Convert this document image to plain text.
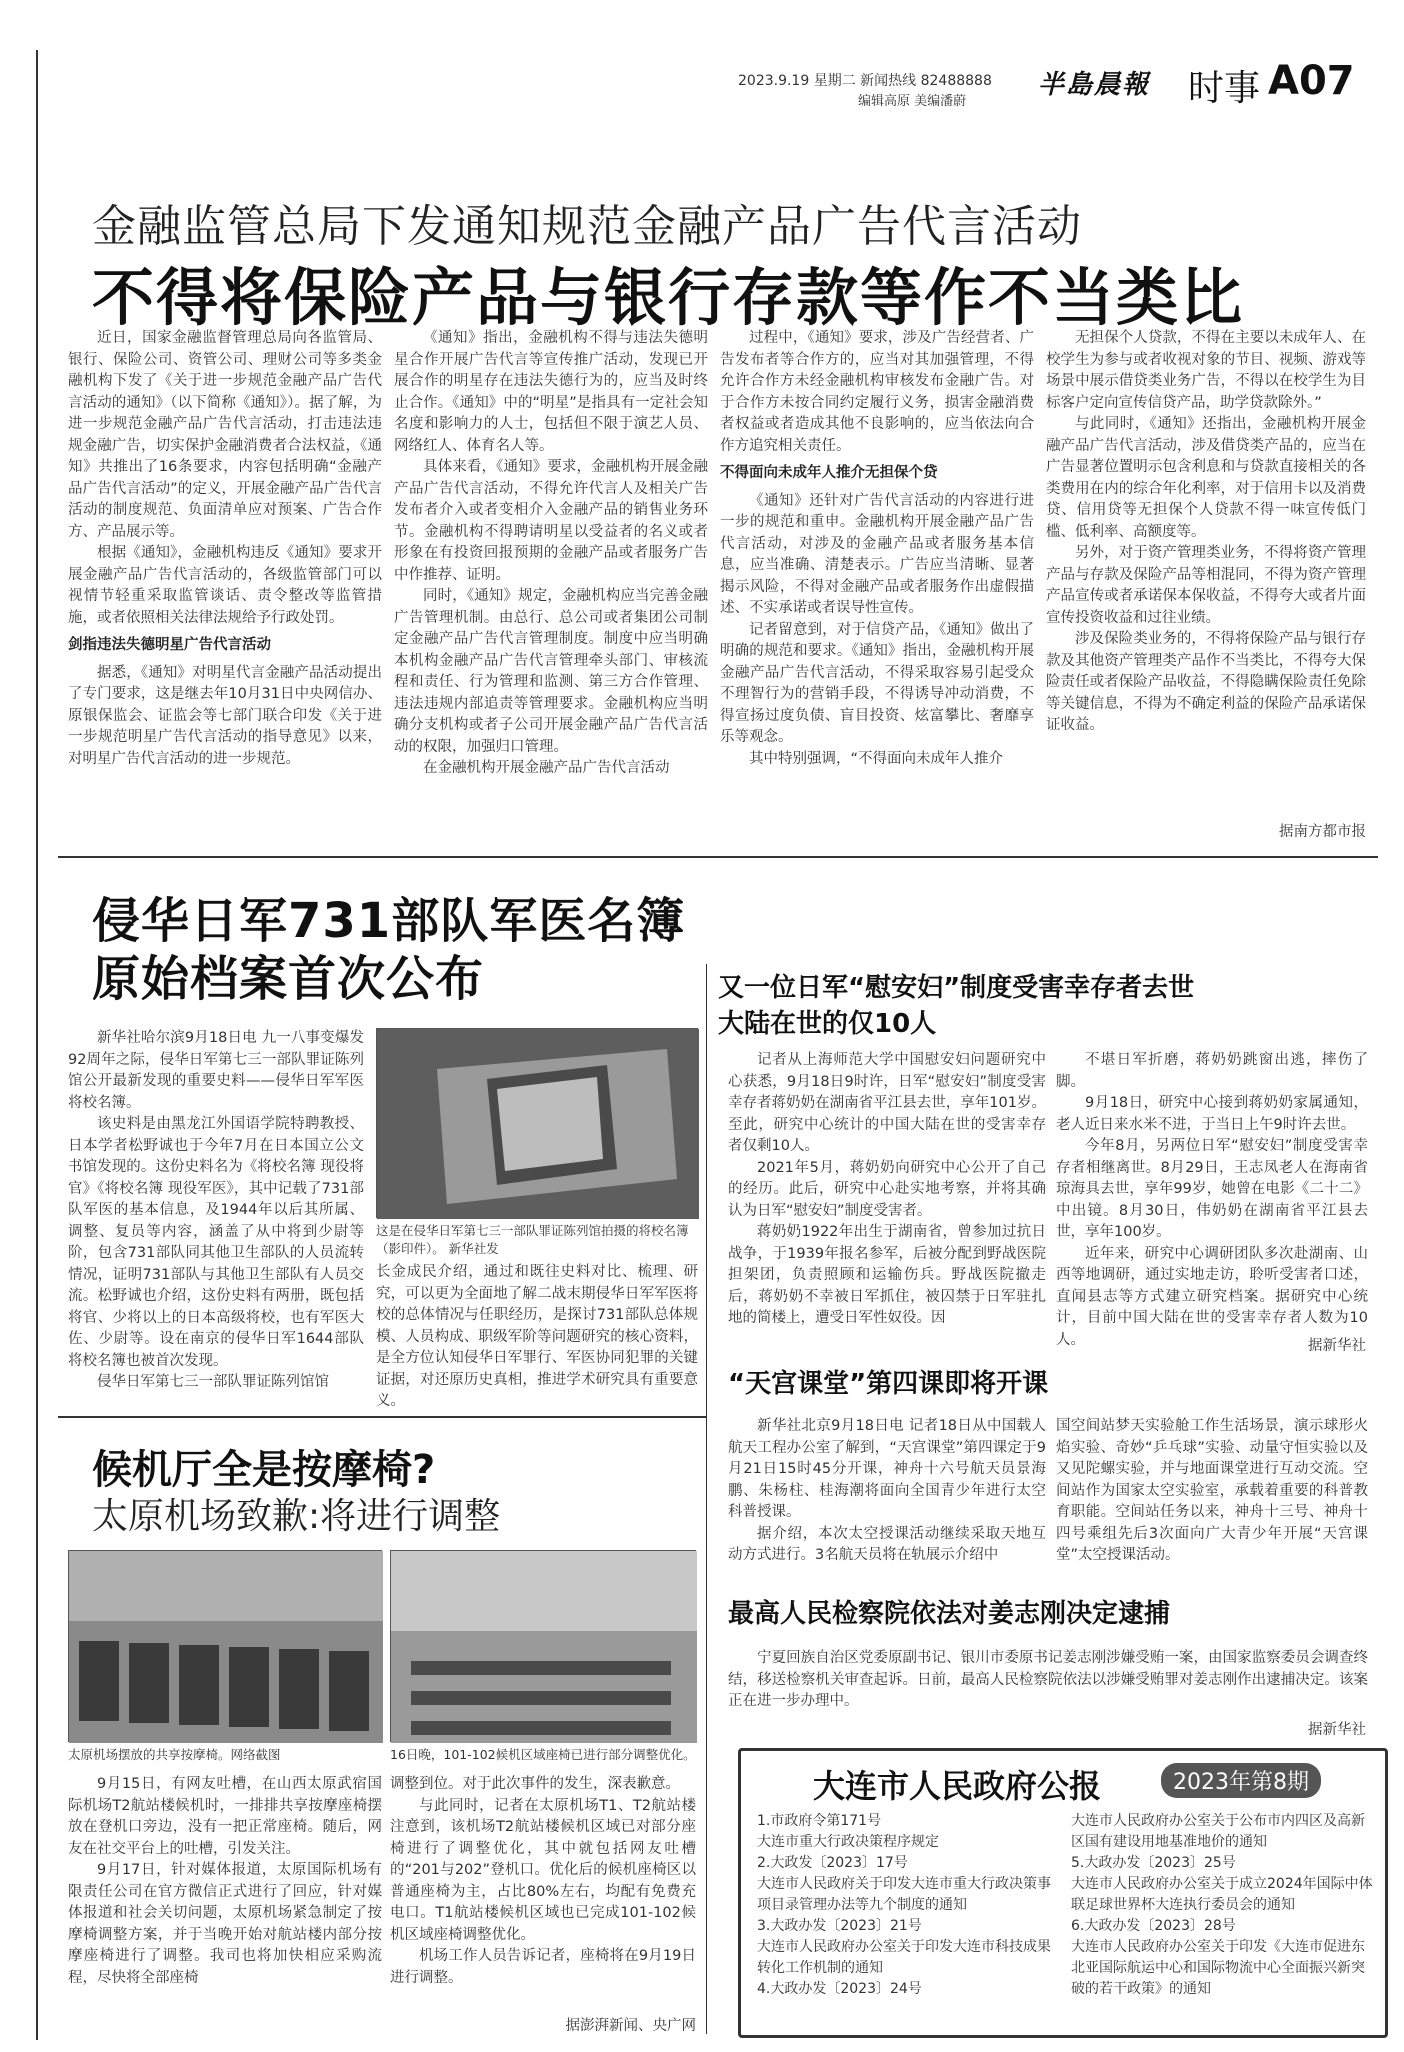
2023.9.19 星期二 新闻热线 82488888
编辑高原 美编潘蔚
半島晨報 时事 A07
金融监管总局下发通知规范金融产品广告代言活动
不得将保险产品与银行存款等作不当类比

近日，国家金融监督管理总局向各监管局、银行、保险公司、资管公司、理财公司等多类金融机构下发了《关于进一步规范金融产品广告代言活动的通知》（以下简称《通知》）。据了解，为进一步规范金融产品广告代言活动，打击违法违规金融广告，切实保护金融消费者合法权益，《通知》共推出了16条要求，内容包括明确“金融产品广告代言活动”的定义，开展金融产品广告代言活动的制度规范、负面清单应对预案、广告合作方、产品展示等。

根据《通知》，金融机构违反《通知》要求开展金融产品广告代言活动的，各级监管部门可以视情节轻重采取监管谈话、责令整改等监管措施，或者依照相关法律法规给予行政处罚。

剑指违法失德明星广告代言活动

据悉，《通知》对明星代言金融产品活动提出了专门要求，这是继去年10月31日中央网信办、原银保监会、证监会等七部门联合印发《关于进一步规范明星广告代言活动的指导意见》以来，对明星广告代言活动的进一步规范。

《通知》指出，金融机构不得与违法失德明星合作开展广告代言等宣传推广活动，发现已开展合作的明星存在违法失德行为的，应当及时终止合作。《通知》中的“明星”是指具有一定社会知名度和影响力的人士，包括但不限于演艺人员、网络红人、体育名人等。

具体来看，《通知》要求，金融机构开展金融产品广告代言活动，不得允许代言人及相关广告发布者介入或者变相介入金融产品的销售业务环节。金融机构不得聘请明星以受益者的名义或者形象在有投资回报预期的金融产品或者服务广告中作推荐、证明。

同时，《通知》规定，金融机构应当完善金融广告管理机制。由总行、总公司或者集团公司制定金融产品广告代言管理制度。制度中应当明确本机构金融产品广告代言管理牵头部门、审核流程和责任、行为管理和监测、第三方合作管理、违法违规内部追责等管理要求。金融机构应当明确分支机构或者子公司开展金融产品广告代言活动的权限，加强归口管理。

在金融机构开展金融产品广告代言活动

过程中，《通知》要求，涉及广告经营者、广告发布者等合作方的，应当对其加强管理，不得允许合作方未经金融机构审核发布金融广告。对于合作方未按合同约定履行义务，损害金融消费者权益或者造成其他不良影响的，应当依法向合作方追究相关责任。

不得面向未成年人推介无担保个贷

《通知》还针对广告代言活动的内容进行进一步的规范和重申。金融机构开展金融产品广告代言活动，对涉及的金融产品或者服务基本信息，应当准确、清楚表示。广告应当清晰、显著揭示风险，不得对金融产品或者服务作出虚假描述、不实承诺或者误导性宣传。

记者留意到，对于信贷产品，《通知》做出了明确的规范和要求。《通知》指出，金融机构开展金融产品广告代言活动，不得采取容易引起受众不理智行为的营销手段，不得诱导冲动消费，不得宣扬过度负债、盲目投资、炫富攀比、奢靡享乐等观念。

其中特别强调，“不得面向未成年人推介

无担保个人贷款，不得在主要以未成年人、在校学生为参与或者收视对象的节目、视频、游戏等场景中展示借贷类业务广告，不得以在校学生为目标客户定向宣传信贷产品，助学贷款除外。”

与此同时，《通知》还指出，金融机构开展金融产品广告代言活动，涉及借贷类产品的，应当在广告显著位置明示包含利息和与贷款直接相关的各类费用在内的综合年化利率，对于信用卡以及消费贷、信用贷等无担保个人贷款不得一味宣传低门槛、低利率、高额度等。

另外，对于资产管理类业务，不得将资产管理产品与存款及保险产品等相混同，不得为资产管理产品宣传或者承诺保本保收益，不得夸大或者片面宣传投资收益和过往业绩。

涉及保险类业务的，不得将保险产品与银行存款及其他资产管理类产品作不当类比，不得夸大保险责任或者保险产品收益，不得隐瞒保险责任免除等关键信息，不得为不确定利益的保险产品承诺保证收益。

据南方都市报
侵华日军731部队军医名簿
原始档案首次公布

新华社哈尔滨9月18日电 九一八事变爆发92周年之际，侵华日军第七三一部队罪证陈列馆公开最新发现的重要史料——侵华日军军医将校名簿。

该史料是由黑龙江外国语学院特聘教授、日本学者松野诚也于今年7月在日本国立公文书馆发现的。这份史料名为《将校名簿 现役将官》《将校名簿 现役军医》，其中记载了731部队军医的基本信息，及1944年以后其所属、调整、复员等内容，涵盖了从中将到少尉等阶，包含731部队同其他卫生部队的人员流转情况，证明731部队与其他卫生部队有人员交流。松野诚也介绍，这份史料有两册，既包括将官、少将以上的日本高级将校，也有军医大佐、少尉等。设在南京的侵华日军1644部队将校名簿也被首次发现。

侵华日军第七三一部队罪证陈列馆馆

这是在侵华日军第七三一部队罪证陈列馆拍摄的将校名簿（影印件）。 新华社发

长金成民介绍，通过和既往史料对比、梳理、研究，可以更为全面地了解二战末期侵华日军军医将校的总体情况与任职经历，是探讨731部队总体规模、人员构成、职级军阶等问题研究的核心资料，是全方位认知侵华日军罪行、军医协同犯罪的关键证据，对还原历史真相，推进学术研究具有重要意义。

又一位日军“慰安妇”制度受害幸存者去世
大陆在世的仅10人

记者从上海师范大学中国慰安妇问题研究中心获悉，9月18日9时许，日军“慰安妇”制度受害幸存者蒋奶奶在湖南省平江县去世，享年101岁。至此，研究中心统计的中国大陆在世的受害幸存者仅剩10人。

2021年5月，蒋奶奶向研究中心公开了自己的经历。此后，研究中心赴实地考察，并将其确认为日军“慰安妇”制度受害者。

蒋奶奶1922年出生于湖南省，曾参加过抗日战争，于1939年报名参军，后被分配到野战医院担架团，负责照顾和运输伤兵。野战医院撤走后，蒋奶奶不幸被日军抓住，被囚禁于日军驻扎地的简楼上，遭受日军性奴役。因

不堪日军折磨，蒋奶奶跳窗出逃，摔伤了脚。

9月18日，研究中心接到蒋奶奶家属通知，老人近日来水米不进，于当日上午9时许去世。

今年8月，另两位日军“慰安妇”制度受害幸存者相继离世。8月29日，王志凤老人在海南省琼海具去世，享年99岁，她曾在电影《二十二》中出镜。8月30日，伟奶奶在湖南省平江县去世，享年100岁。

近年来，研究中心调研团队多次赴湖南、山西等地调研，通过实地走访，聆听受害者口述，直闻县志等方式建立研究档案。据研究中心统计，目前中国大陆在世的受害幸存者人数为10人。	据新华社
“天宫课堂”第四课即将开课

新华社北京9月18日电 记者18日从中国载人航天工程办公室了解到，“天宫课堂”第四课定于9月21日15时45分开课，神舟十六号航天员景海鹏、朱杨柱、桂海潮将面向全国青少年进行太空科普授课。

据介绍，本次太空授课活动继续采取天地互动方式进行。3名航天员将在轨展示介绍中

国空间站梦天实验舱工作生活场景，演示球形火焰实验、奇妙“乒乓球”实验、动量守恒实验以及又见陀螺实验，并与地面课堂进行互动交流。空间站作为国家太空实验室，承载着重要的科普教育职能。空间站任务以来，神舟十三号、神舟十四号乘组先后3次面向广大青少年开展“天宫课堂”太空授课活动。

最高人民检察院依法对姜志刚决定逮捕

宁夏回族自治区党委原副书记、银川市委原书记姜志刚涉嫌受贿一案，由国家监察委员会调查终结，移送检察机关审查起诉。日前，最高人民检察院依法以涉嫌受贿罪对姜志刚作出逮捕决定。该案正在进一步办理中。

据新华社
大连市人民政府公报	2023年第8期
1.市政府令第171号
大连市重大行政决策程序规定
2.大政发〔2023〕17号
大连市人民政府关于印发大连市重大行政决策事项目录管理办法等九个制度的通知
3.大政办发〔2023〕21号
大连市人民政府办公室关于印发大连市科技成果转化工作机制的通知
4.大政办发〔2023〕24号
大连市人民政府办公室关于公布市内四区及高新区国有建设用地基准地价的通知
5.大政办发〔2023〕25号
大连市人民政府办公室关于成立2024年国际中体联足球世界杯大连执行委员会的通知
6.大政办发〔2023〕28号
大连市人民政府办公室关于印发《大连市促进东北亚国际航运中心和国际物流中心全面振兴新突破的若干政策》的通知
候机厅全是按摩椅?
太原机场致歉:将进行调整
太原机场摆放的共享按摩椅。网络截图	16日晚，101-102候机区域座椅已进行部分调整优化。

9月15日，有网友吐槽，在山西太原武宿国际机场T2航站楼候机时，一排排共享按摩座椅摆放在登机口旁边，没有一把正常座椅。随后，网友在社交平台上的吐槽，引发关注。

9月17日，针对媒体报道，太原国际机场有限责任公司在官方微信正式进行了回应，针对媒体报道和社会关切问题，太原机场紧急制定了按摩椅调整方案，并于当晚开始对航站楼内部分按摩座椅进行了调整。我司也将加快相应采购流程，尽快将全部座椅

调整到位。对于此次事件的发生，深表歉意。

与此同时，记者在太原机场T1、T2航站楼注意到，该机场T2航站楼候机区域已对部分座椅进行了调整优化，其中就包括网友吐槽的“201与202”登机口。优化后的候机座椅区以普通座椅为主，占比80%左右，均配有免费充电口。T1航站楼候机区域也已完成101-102候机区域座椅调整优化。

机场工作人员告诉记者，座椅将在9月19日进行调整。

据澎湃新闻、央广网
